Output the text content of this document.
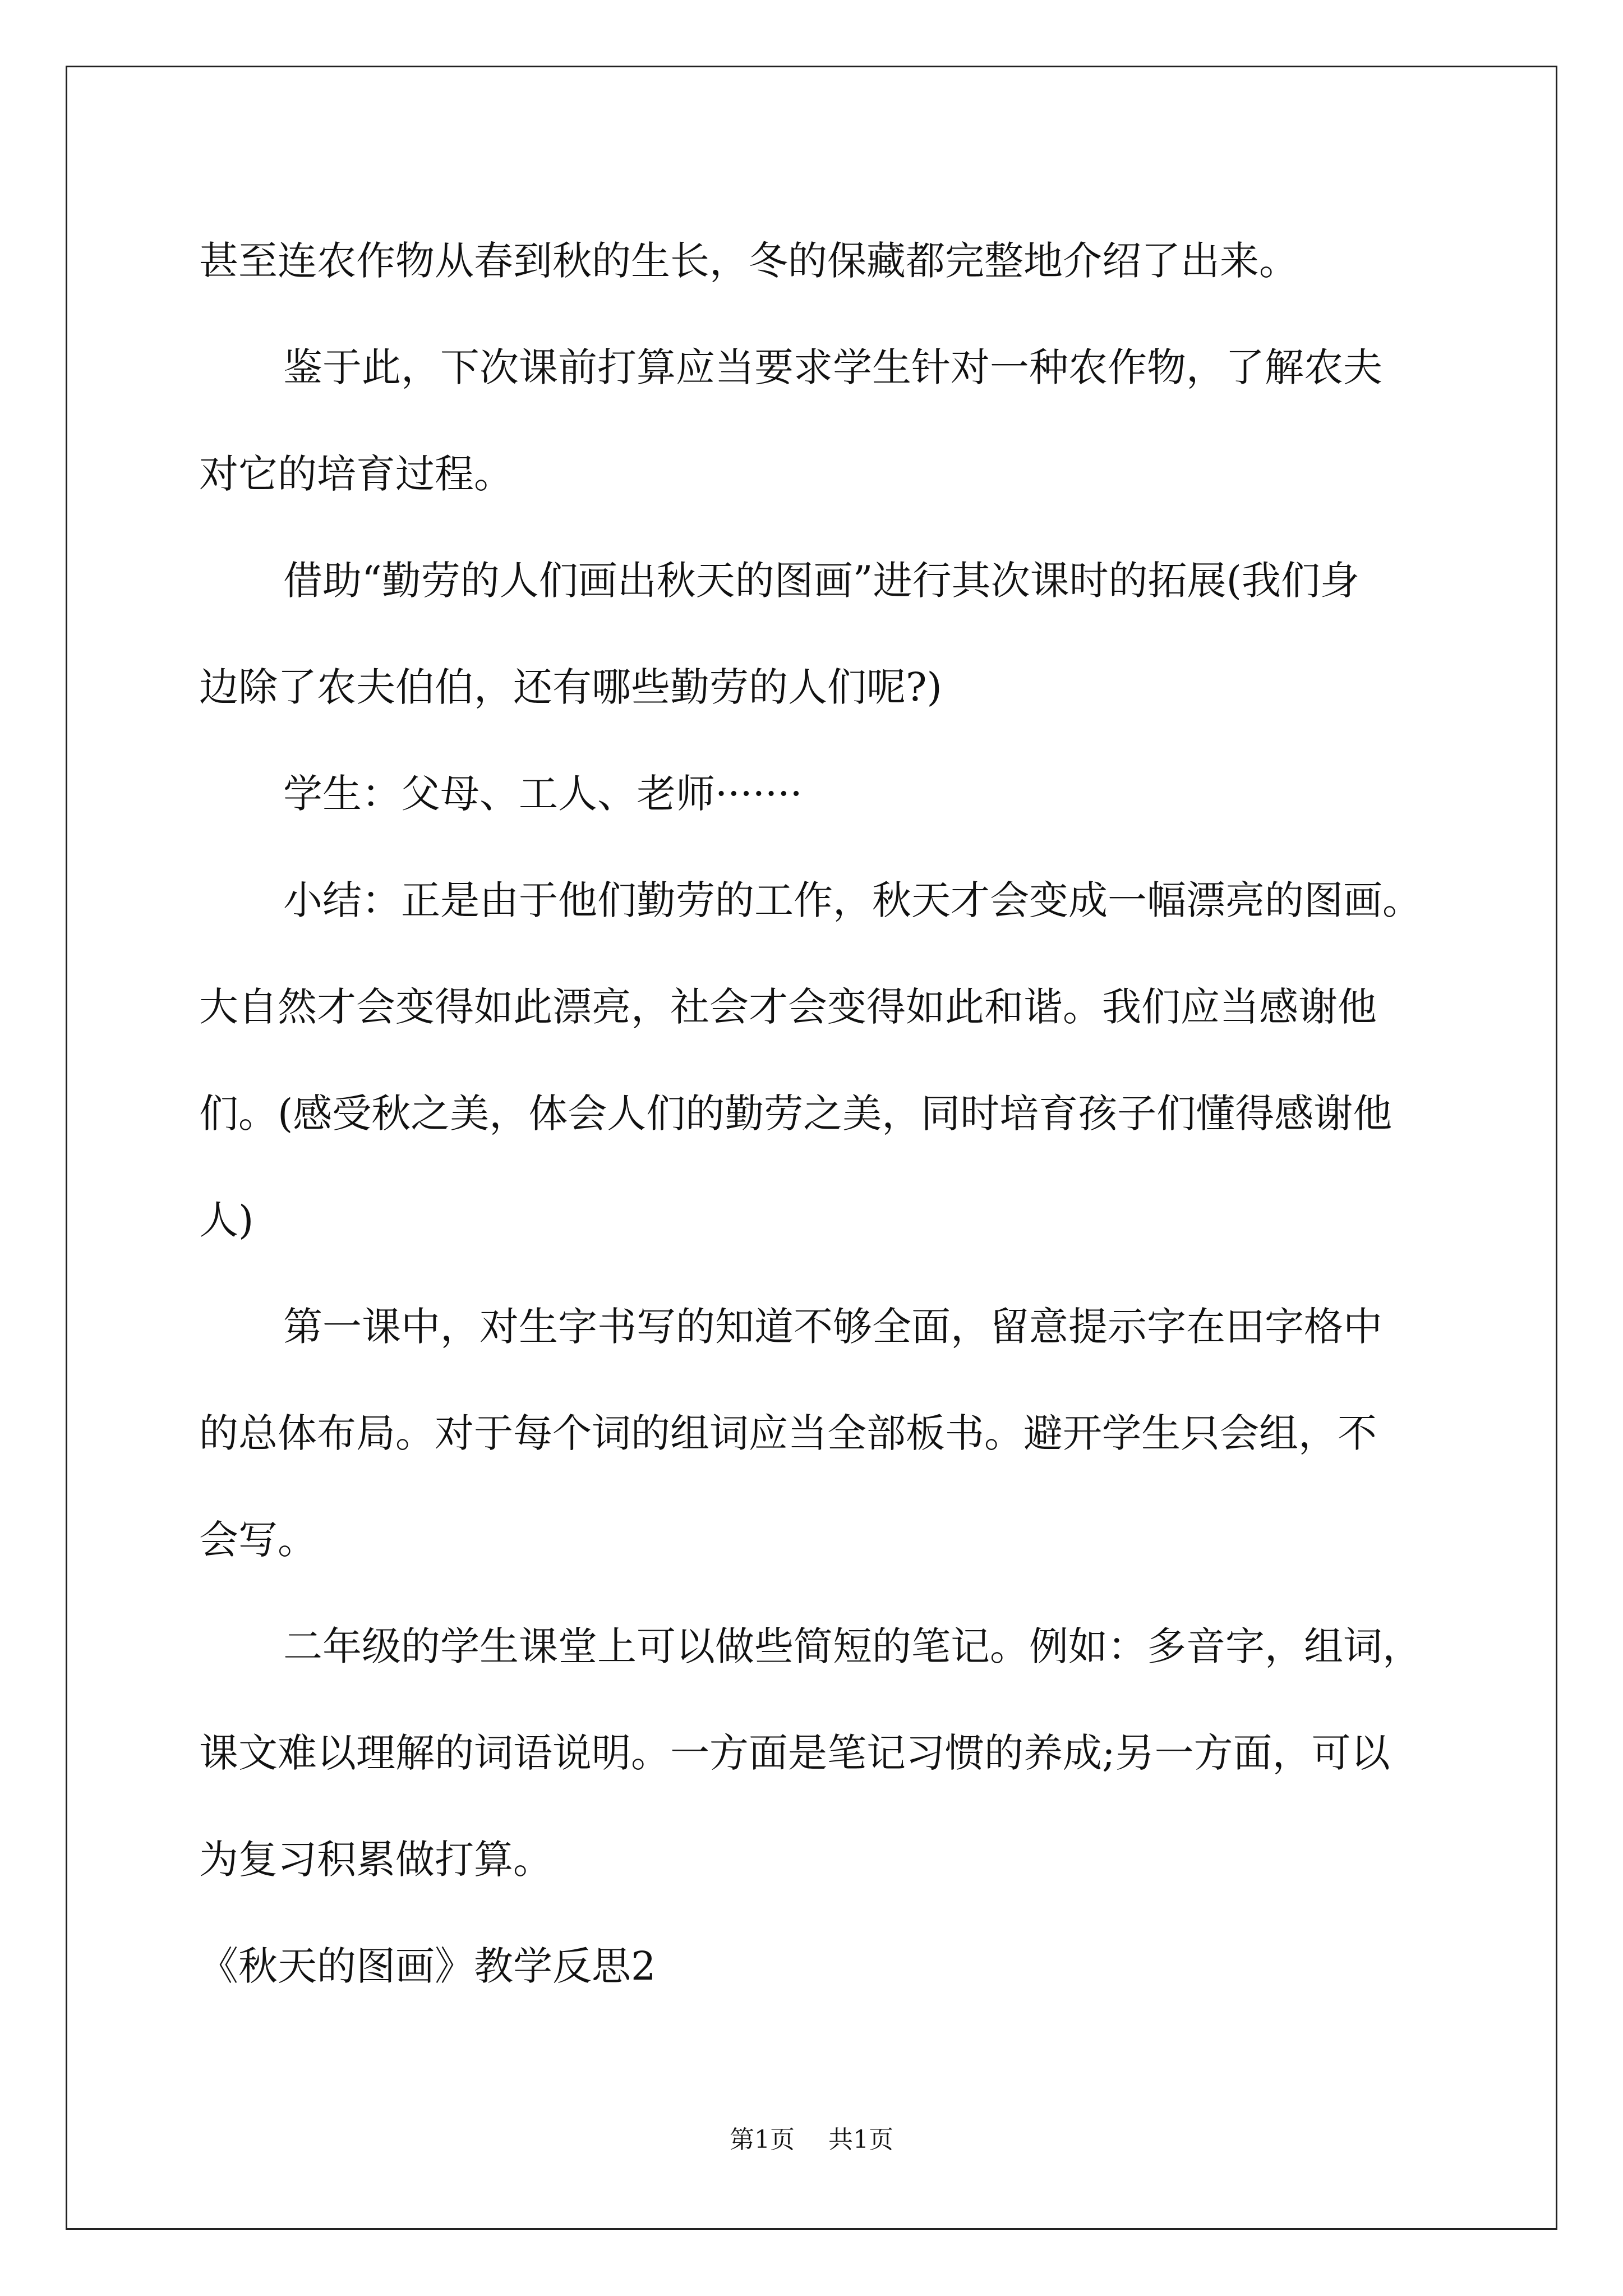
甚至连农作物从春到秋的生长，冬的保藏都完整地介绍了出来。

鉴于此，下次课前打算应当要求学生针对一种农作物，了解农夫

对它的培育过程。

借助“勤劳的人们画出秋天的图画”进行其次课时的拓展(我们身

边除了农夫伯伯，还有哪些勤劳的人们呢?)

学生：父母、工人、老师·······

小结：正是由于他们勤劳的工作，秋天才会变成一幅漂亮的图画。

大自然才会变得如此漂亮，社会才会变得如此和谐。我们应当感谢他

们。(感受秋之美，体会人们的勤劳之美，同时培育孩子们懂得感谢他

人)

第一课中，对生字书写的知道不够全面，留意提示字在田字格中

的总体布局。对于每个词的组词应当全部板书。避开学生只会组，不

会写。

二年级的学生课堂上可以做些简短的笔记。例如：多音字，组词，

课文难以理解的词语说明。一方面是笔记习惯的养成;另一方面，可以

为复习积累做打算。

《秋天的图画》教学反思2

第1页 共1页
